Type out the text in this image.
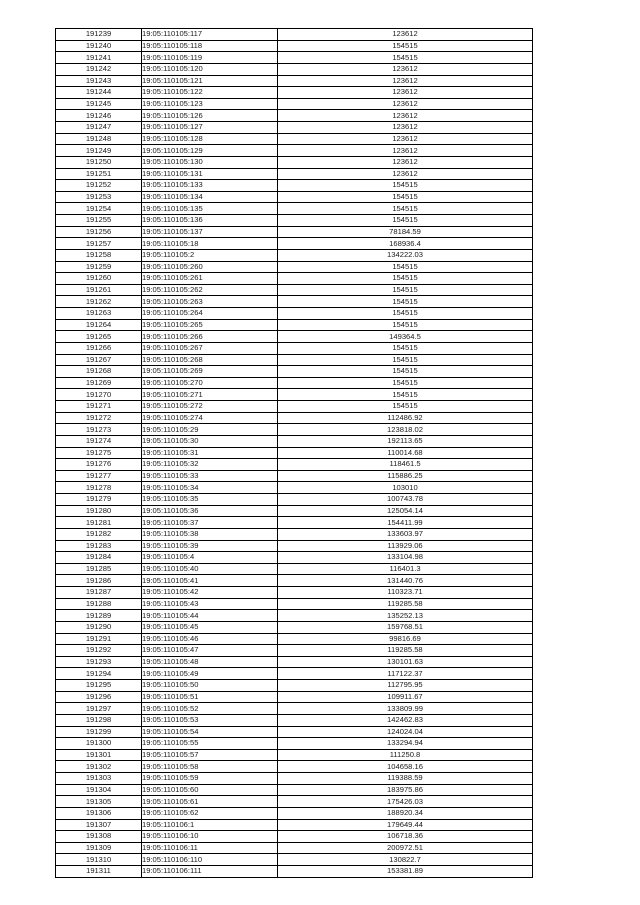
191239	19:05:110105:117	123612
191240	19:05:110105:118	154515
191241	19:05:110105:119	154515
191242	19:05:110105:120	123612
191243	19:05:110105:121	123612
191244	19:05:110105:122	123612
191245	19:05:110105:123	123612
191246	19:05:110105:126	123612
191247	19:05:110105:127	123612
191248	19:05:110105:128	123612
191249	19:05:110105:129	123612
191250	19:05:110105:130	123612
191251	19:05:110105:131	123612
191252	19:05:110105:133	154515
191253	19:05:110105:134	154515
191254	19:05:110105:135	154515
191255	19:05:110105:136	154515
191256	19:05:110105:137	78184.59
191257	19:05:110105:18	168936.4
191258	19:05:110105:2	134222.03
191259	19:05:110105:260	154515
191260	19:05:110105:261	154515
191261	19:05:110105:262	154515
191262	19:05:110105:263	154515
191263	19:05:110105:264	154515
191264	19:05:110105:265	154515
191265	19:05:110105:266	149364.5
191266	19:05:110105:267	154515
191267	19:05:110105:268	154515
191268	19:05:110105:269	154515
191269	19:05:110105:270	154515
191270	19:05:110105:271	154515
191271	19:05:110105:272	154515
191272	19:05:110105:274	112486.92
191273	19:05:110105:29	123818.02
191274	19:05:110105:30	192113.65
191275	19:05:110105:31	110014.68
191276	19:05:110105:32	118461.5
191277	19:05:110105:33	115886.25
191278	19:05:110105:34	103010
191279	19:05:110105:35	100743.78
191280	19:05:110105:36	125054.14
191281	19:05:110105:37	154411.99
191282	19:05:110105:38	133603.97
191283	19:05:110105:39	113929.06
191284	19:05:110105:4	133104.98
191285	19:05:110105:40	116401.3
191286	19:05:110105:41	131440.76
191287	19:05:110105:42	110323.71
191288	19:05:110105:43	119285.58
191289	19:05:110105:44	135252.13
191290	19:05:110105:45	159768.51
191291	19:05:110105:46	99816.69
191292	19:05:110105:47	119285.58
191293	19:05:110105:48	130101.63
191294	19:05:110105:49	117122.37
191295	19:05:110105:50	112795.95
191296	19:05:110105:51	109911.67
191297	19:05:110105:52	133809.99
191298	19:05:110105:53	142462.83
191299	19:05:110105:54	124024.04
191300	19:05:110105:55	133294.94
191301	19:05:110105:57	111250.8
191302	19:05:110105:58	104658.16
191303	19:05:110105:59	119388.59
191304	19:05:110105:60	183975.86
191305	19:05:110105:61	175426.03
191306	19:05:110105:62	188920.34
191307	19:05:110106:1	179649.44
191308	19:05:110106:10	106718.36
191309	19:05:110106:11	200972.51
191310	19:05:110106:110	130822.7
191311	19:05:110106:111	153381.89
